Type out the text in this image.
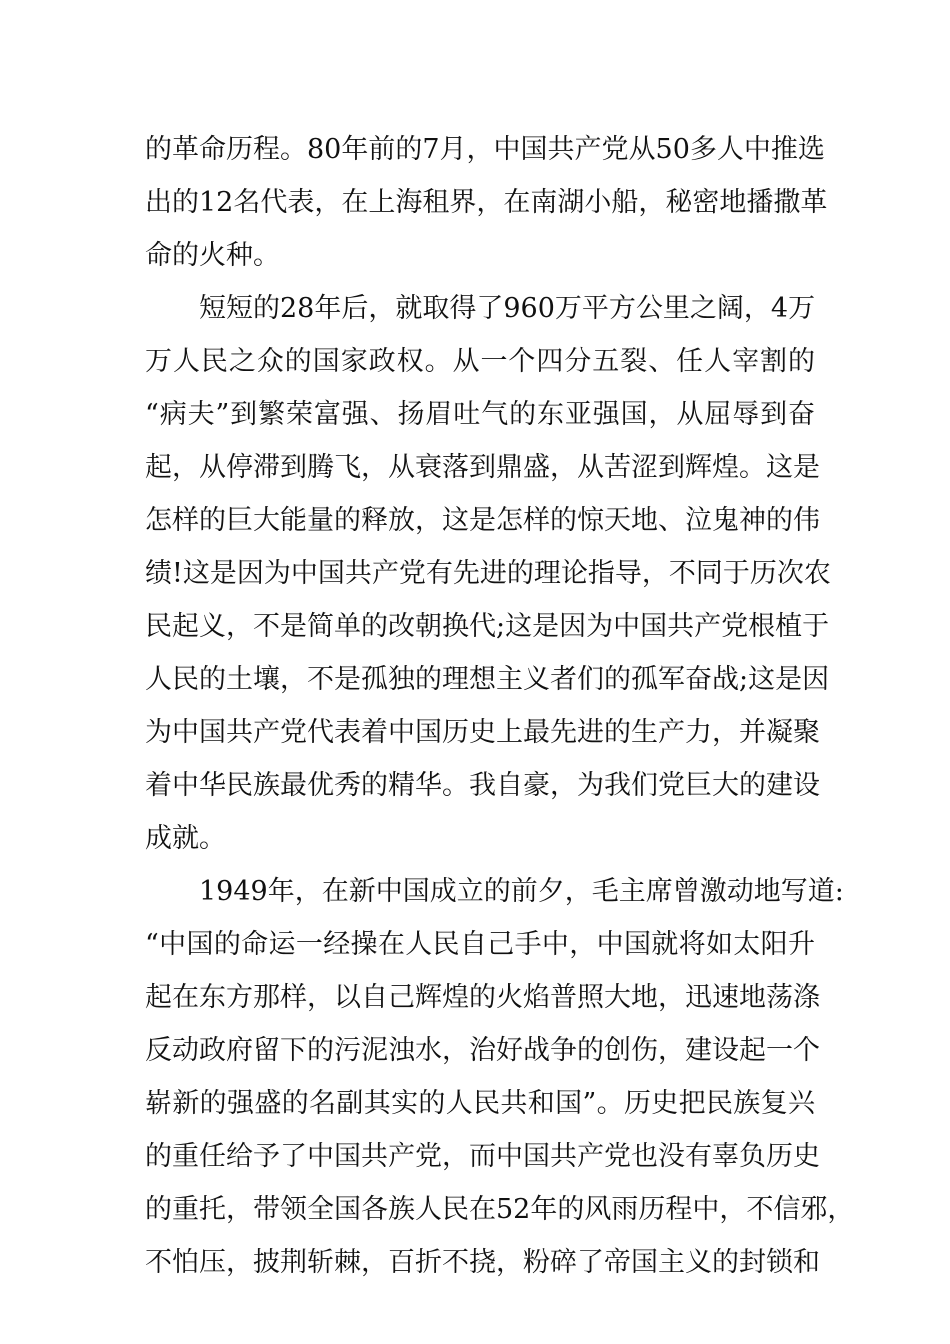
的革命历程。80年前的7月，中国共产党从50多人中推选
出的12名代表，在上海租界，在南湖小船，秘密地播撒革
命的火种。
短短的28年后，就取得了960万平方公里之阔，4万
万人民之众的国家政权。从一个四分五裂、任人宰割的
“病夫”到繁荣富强、扬眉吐气的东亚强国，从屈辱到奋
起，从停滞到腾飞，从衰落到鼎盛，从苦涩到辉煌。这是
怎样的巨大能量的释放，这是怎样的惊天地、泣鬼神的伟
绩!这是因为中国共产党有先进的理论指导，不同于历次农
民起义，不是简单的改朝换代;这是因为中国共产党根植于
人民的土壤，不是孤独的理想主义者们的孤军奋战;这是因
为中国共产党代表着中国历史上最先进的生产力，并凝聚
着中华民族最优秀的精华。我自豪，为我们党巨大的建设
成就。
1949年，在新中国成立的前夕，毛主席曾激动地写道:
“中国的命运一经操在人民自己手中，中国就将如太阳升
起在东方那样，以自己辉煌的火焰普照大地，迅速地荡涤
反动政府留下的污泥浊水，治好战争的创伤，建设起一个
崭新的强盛的名副其实的人民共和国”。历史把民族复兴
的重任给予了中国共产党，而中国共产党也没有辜负历史
的重托，带领全国各族人民在52年的风雨历程中，不信邪，
不怕压，披荆斩棘，百折不挠，粉碎了帝国主义的封锁和
